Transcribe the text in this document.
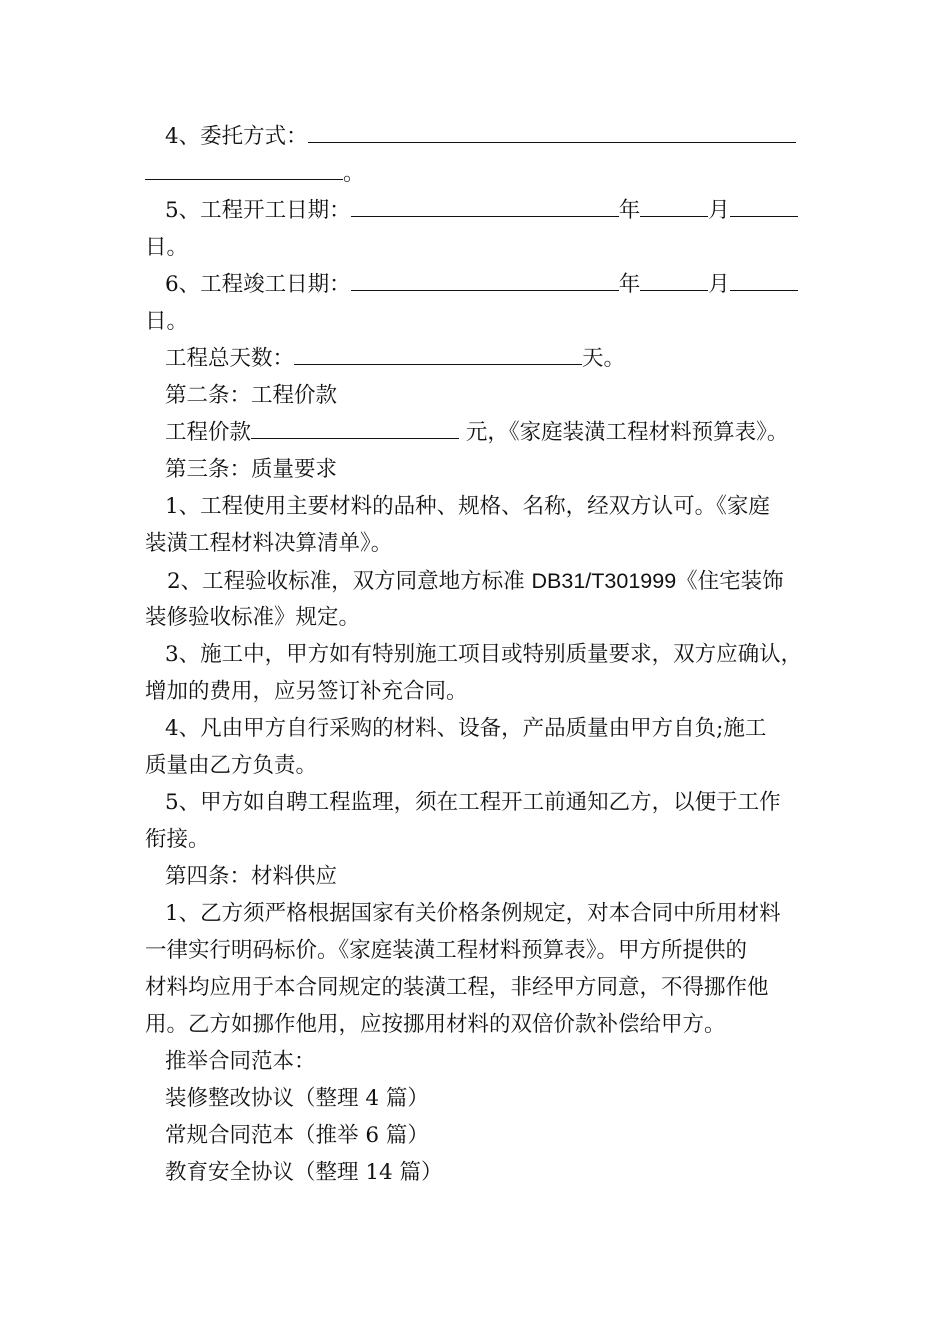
4、委托方式：
。
5、工程开工日期：	年	月
日。
6、工程竣工日期：	年	月
日。
工程总天数：	天。
第二条：工程价款
工程价款	元，《家庭装潢工程材料预算表》。
第三条：质量要求
1、工程使用主要材料的品种、规格、名称，经双方认可。《家庭
装潢工程材料决算清单》。
2、工程验收标准，双方同意地方标准 DB31/T301999《住宅装饰
装修验收标准》规定。
3、施工中，甲方如有特别施工项目或特别质量要求，双方应确认，
增加的费用，应另签订补充合同。
4、凡由甲方自行采购的材料、设备，产品质量由甲方自负;施工
质量由乙方负责。
5、甲方如自聘工程监理，须在工程开工前通知乙方，以便于工作
衔接。
第四条：材料供应
1、乙方须严格根据国家有关价格条例规定，对本合同中所用材料
一律实行明码标价。《家庭装潢工程材料预算表》。甲方所提供的
材料均应用于本合同规定的装潢工程，非经甲方同意，不得挪作他
用。乙方如挪作他用，应按挪用材料的双倍价款补偿给甲方。
推举合同范本：
装修整改协议（整理 4 篇）
常规合同范本（推举 6 篇）
教育安全协议（整理 14 篇）
